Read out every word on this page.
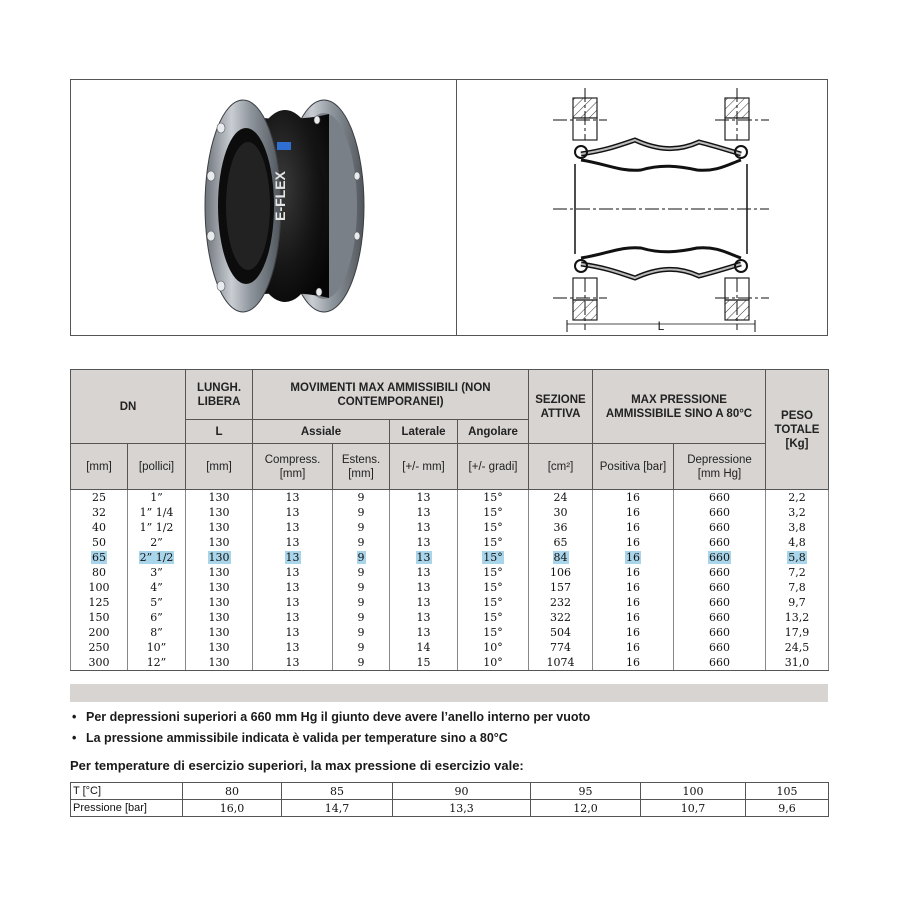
E-FLEX
L
DN		LUNGH. LIBERA	MOVIMENTI MAX AMMISSIBILI (NON CONTEMPORANEI)				SEZIONE ATTIVA	MAX PRESSIONE AMMISSIBILE SINO A 80°C		PESO TOTALE [Kg]
		L	Assiale		Laterale	Angolare				
[mm]	[pollici]	[mm]	Compress. [mm]	Estens. [mm]	[+/- mm]	[+/- gradi]	[cm²]	Positiva [bar]	Depressione [mm Hg]	
25	1”	130	13	9	13	15°	24	16	660	2,2
32	1” 1/4	130	13	9	13	15°	30	16	660	3,2
40	1” 1/2	130	13	9	13	15°	36	16	660	3,8
50	2”	130	13	9	13	15°	65	16	660	4,8
65	2” 1/2	130	13	9	13	15°	84	16	660	5,8
80	3”	130	13	9	13	15°	106	16	660	7,2
100	4”	130	13	9	13	15°	157	16	660	7,8
125	5”	130	13	9	13	15°	232	16	660	9,7
150	6”	130	13	9	13	15°	322	16	660	13,2
200	8”	130	13	9	13	15°	504	16	660	17,9
250	10”	130	13	9	14	10°	774	16	660	24,5
300	12”	130	13	9	15	10°	1074	16	660	31,0
• Per depressioni superiori a 660 mm Hg il giunto deve avere l’anello interno per vuoto
• La pressione ammissibile indicata è valida per temperature sino a 80°C
Per temperature di esercizio superiori, la max pressione di esercizio vale:
T [°C]	80	85	90	95	100	105
Pressione [bar]	16,0	14,7	13,3	12,0	10,7	9,6
